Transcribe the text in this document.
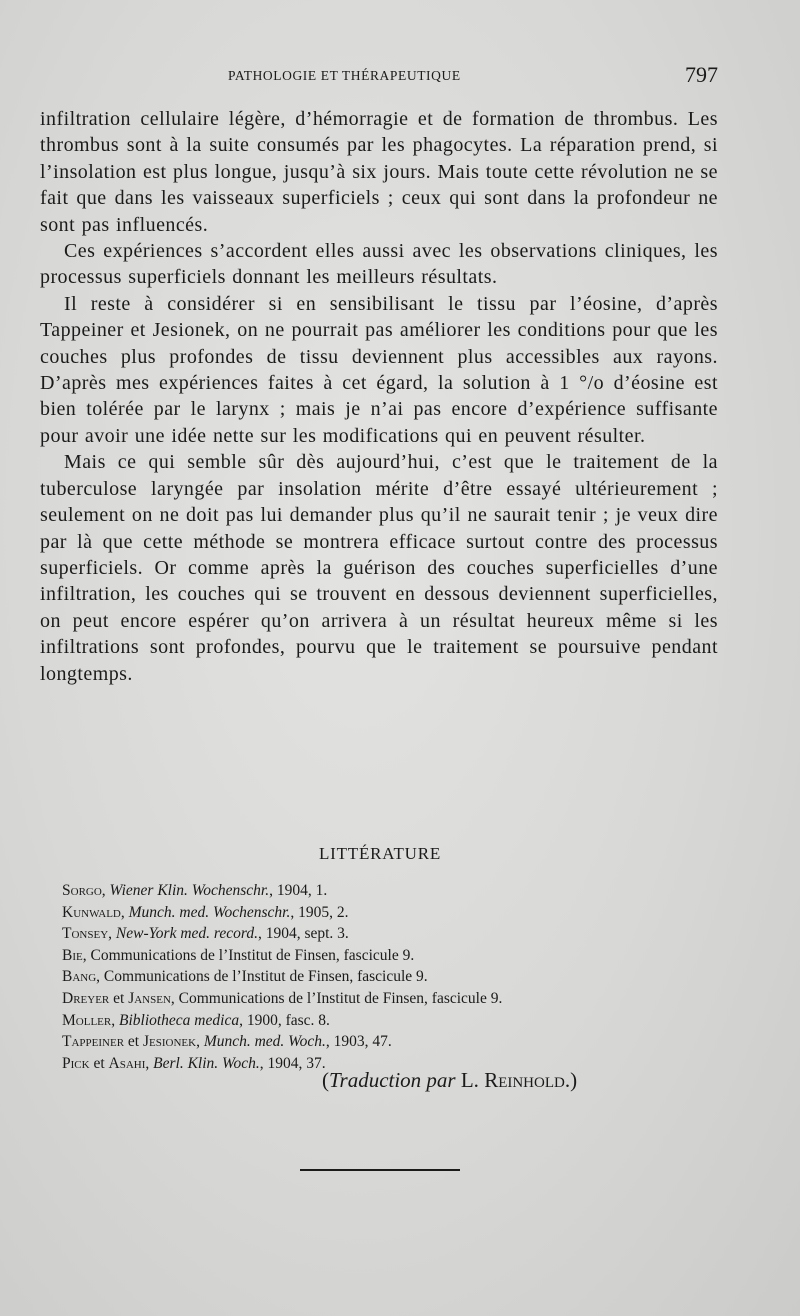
PATHOLOGIE ET THÉRAPEUTIQUE	797

infiltration cellulaire légère, d’hémorragie et de formation de thrombus. Les thrombus sont à la suite consumés par les phagocytes. La réparation prend, si l’insolation est plus longue, jusqu’à six jours. Mais toute cette révolution ne se fait que dans les vaisseaux superficiels ; ceux qui sont dans la profondeur ne sont pas influencés.

Ces expériences s’accordent elles aussi avec les observations cliniques, les processus superficiels donnant les meilleurs résultats.

Il reste à considérer si en sensibilisant le tissu par l’éosine, d’après Tappeiner et Jesionek, on ne pourrait pas améliorer les conditions pour que les couches plus profondes de tissu deviennent plus accessibles aux rayons. D’après mes expériences faites à cet égard, la solution à 1 °/o d’éosine est bien tolérée par le larynx ; mais je n’ai pas encore d’expérience suffisante pour avoir une idée nette sur les modifications qui en peuvent résulter.

Mais ce qui semble sûr dès aujourd’hui, c’est que le traitement de la tuberculose laryngée par insolation mérite d’être essayé ultérieurement ; seulement on ne doit pas lui demander plus qu’il ne saurait tenir ; je veux dire par là que cette méthode se montrera efficace surtout contre des processus superficiels. Or comme après la guérison des couches superficielles d’une infiltration, les couches qui se trouvent en dessous deviennent superficielles, on peut encore espérer qu’on arrivera à un résultat heureux même si les infiltrations sont profondes, pourvu que le traitement se poursuive pendant longtemps.

LITTÉRATURE
Sorgo, Wiener Klin. Wochenschr., 1904, 1.
Kunwald, Munch. med. Wochenschr., 1905, 2.
Tonsey, New-York med. record., 1904, sept. 3.
Bie, Communications de l’Institut de Finsen, fascicule 9.
Bang, Communications de l’Institut de Finsen, fascicule 9.
Dreyer et Jansen, Communications de l’Institut de Finsen, fascicule 9.
Moller, Bibliotheca medica, 1900, fasc. 8.
Tappeiner et Jesionek, Munch. med. Woch., 1903, 47.
Pick et Asahi, Berl. Klin. Woch., 1904, 37.
(Traduction par L. Reinhold.)
